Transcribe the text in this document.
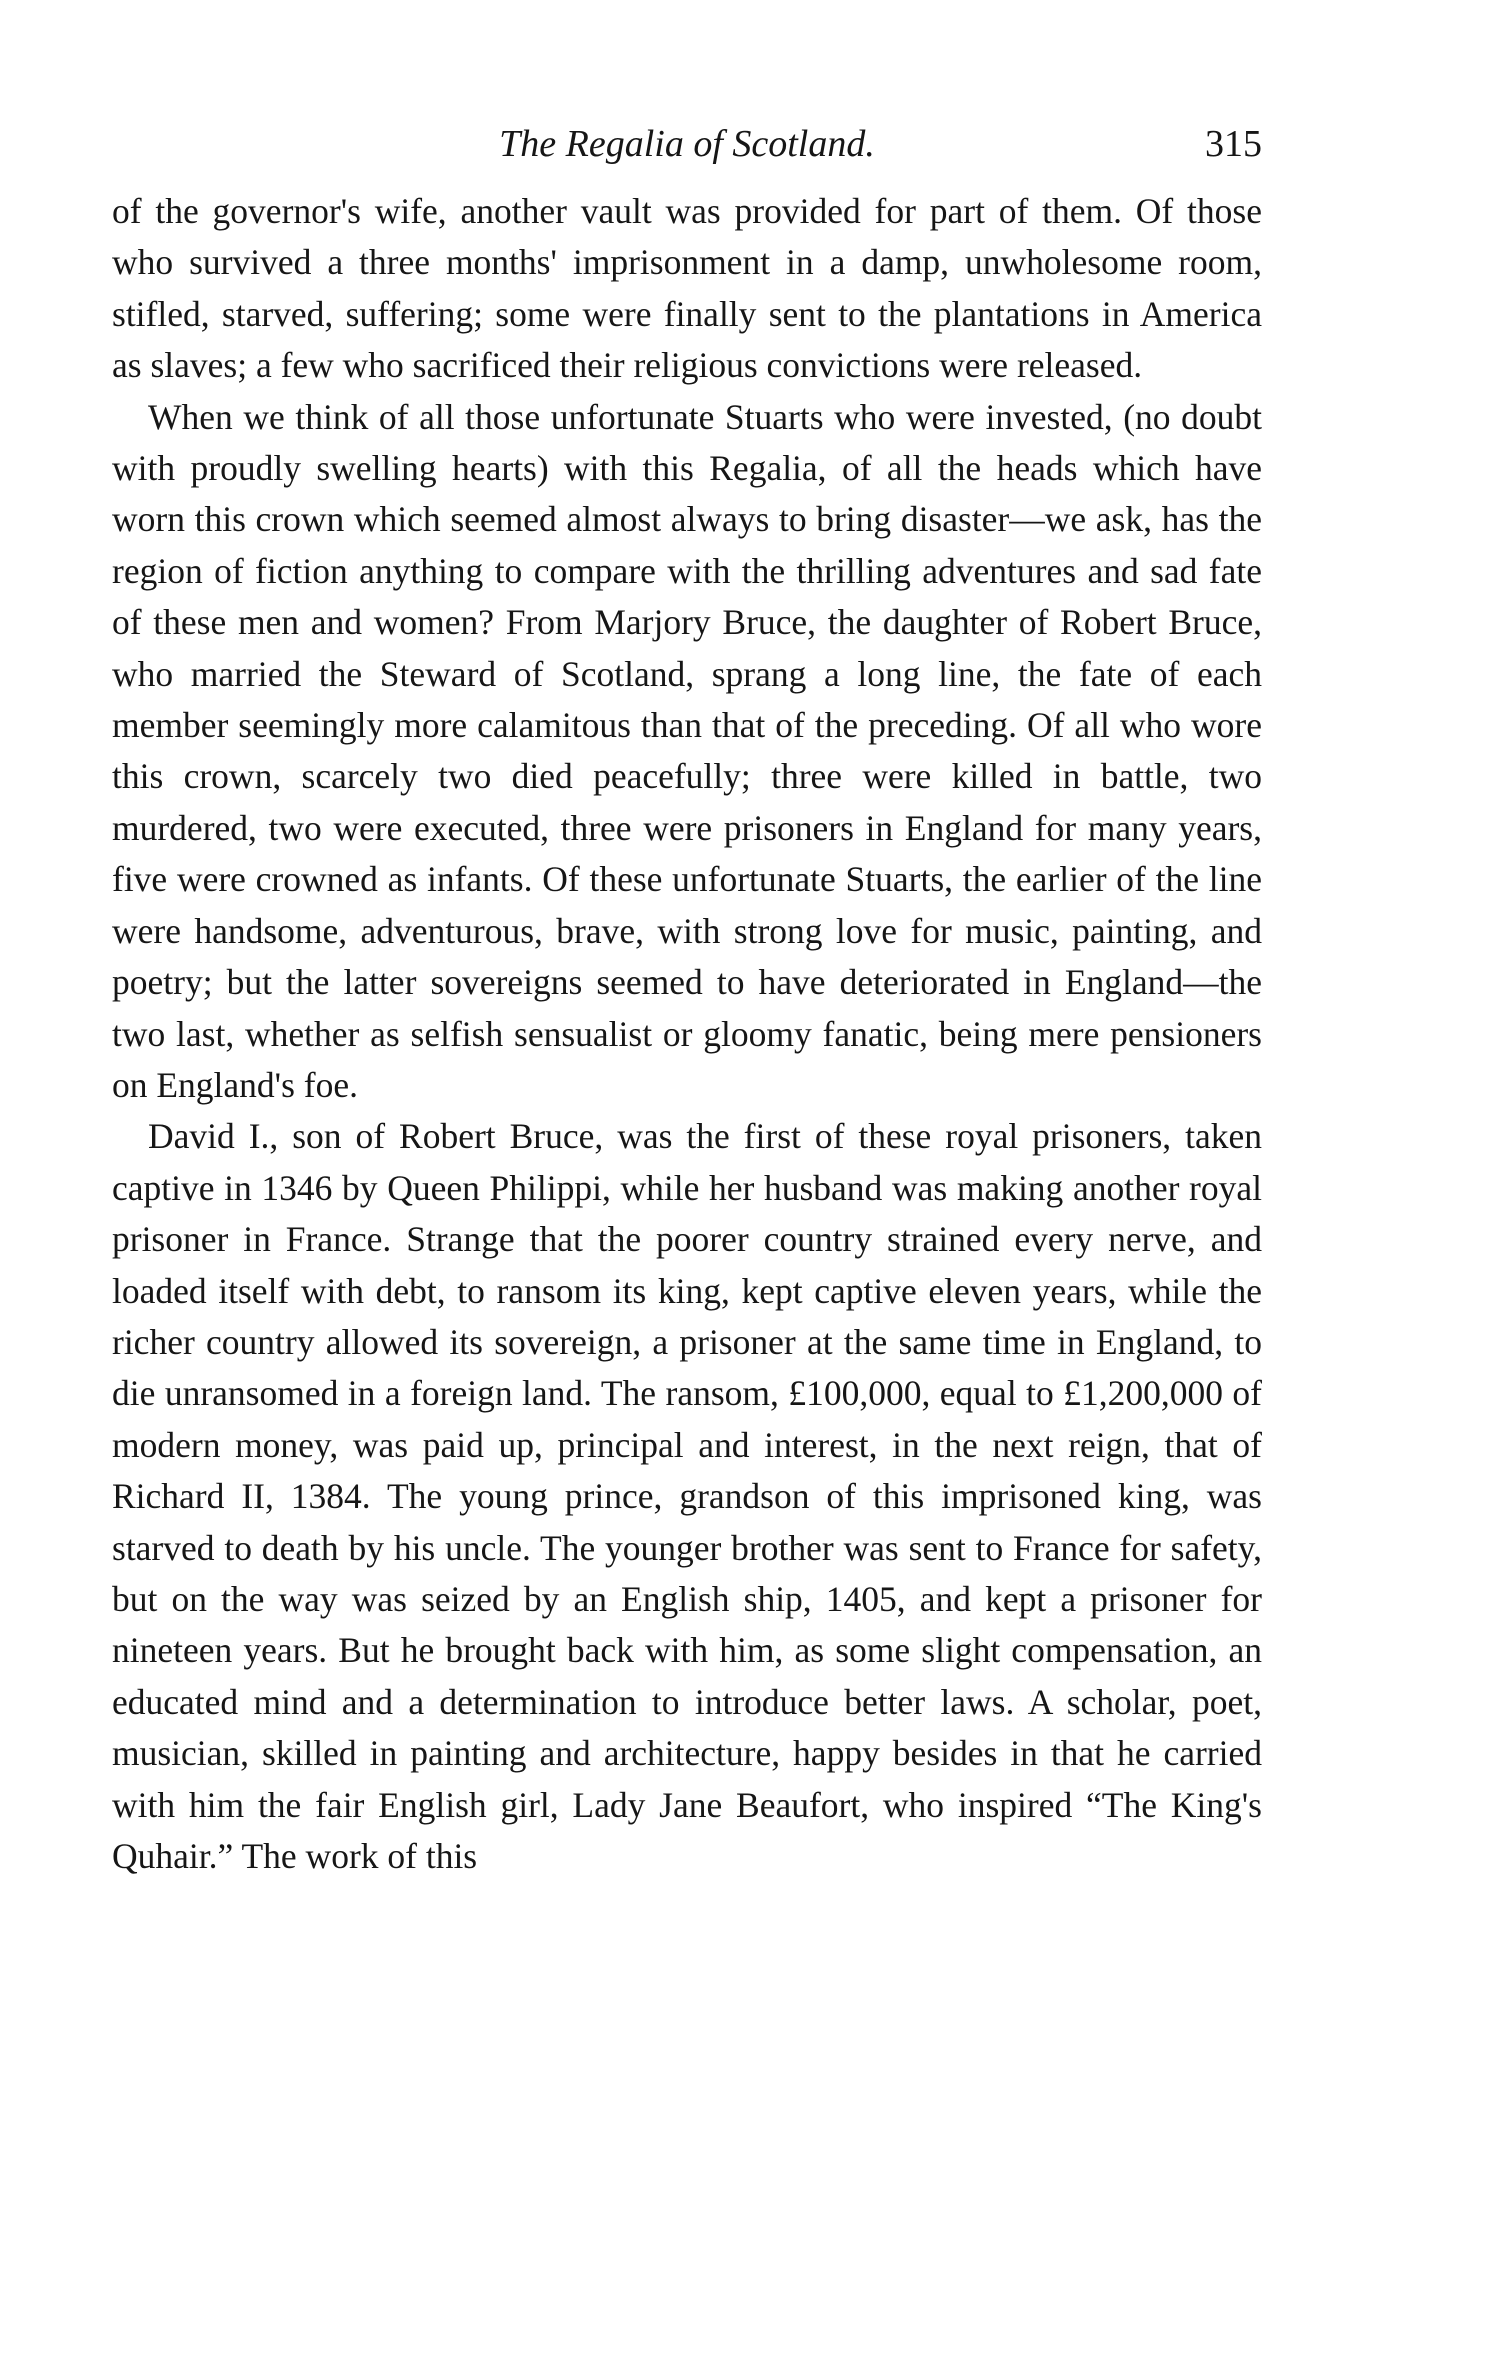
The Regalia of Scotland.	315

of the governor's wife, another vault was provided for part of them. Of those who survived a three months' imprisonment in a damp, unwholesome room, stifled, starved, suffering; some were finally sent to the plantations in America as slaves; a few who sacrificed their religious convictions were released.

When we think of all those unfortunate Stuarts who were invested, (no doubt with proudly swelling hearts) with this Regalia, of all the heads which have worn this crown which seemed almost always to bring disaster—we ask, has the region of fiction anything to compare with the thrilling adventures and sad fate of these men and women? From Marjory Bruce, the daughter of Robert Bruce, who married the Steward of Scotland, sprang a long line, the fate of each member seemingly more calamitous than that of the preceding. Of all who wore this crown, scarcely two died peacefully; three were killed in battle, two murdered, two were executed, three were prisoners in England for many years, five were crowned as infants. Of these unfortunate Stuarts, the earlier of the line were handsome, adventurous, brave, with strong love for music, painting, and poetry; but the latter sovereigns seemed to have deteriorated in England—the two last, whether as selfish sensualist or gloomy fanatic, being mere pensioners on England's foe.

David I., son of Robert Bruce, was the first of these royal prisoners, taken captive in 1346 by Queen Philippi, while her husband was making another royal prisoner in France. Strange that the poorer country strained every nerve, and loaded itself with debt, to ransom its king, kept captive eleven years, while the richer country allowed its sovereign, a prisoner at the same time in England, to die unransomed in a foreign land. The ransom, £100,000, equal to £1,200,000 of modern money, was paid up, principal and interest, in the next reign, that of Richard II, 1384. The young prince, grandson of this imprisoned king, was starved to death by his uncle. The younger brother was sent to France for safety, but on the way was seized by an English ship, 1405, and kept a prisoner for nineteen years. But he brought back with him, as some slight compensation, an educated mind and a determination to introduce better laws. A scholar, poet, musician, skilled in painting and architecture, happy besides in that he carried with him the fair English girl, Lady Jane Beaufort, who inspired “The King's Quhair.” The work of this
